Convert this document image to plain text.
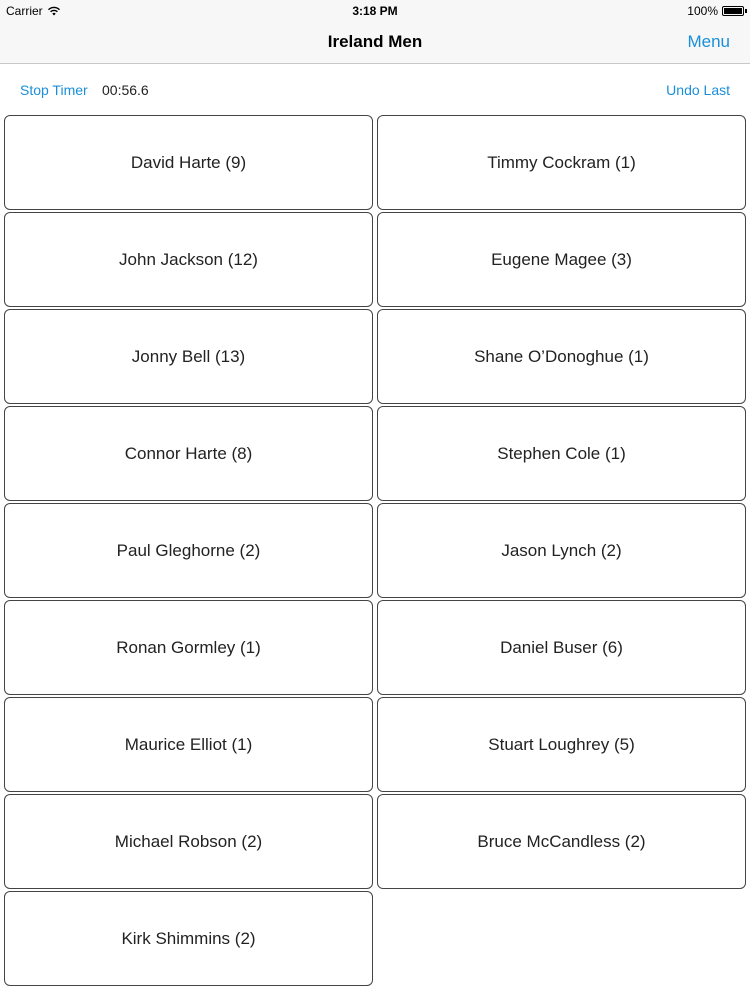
Carrier	3:18 PM	100%
Ireland Men	Menu
Stop Timer 00:56.6	Undo Last
David Harte (9)	Timmy Cockram (1)
John Jackson (12)	Eugene Magee (3)
Jonny Bell (13)	Shane O’Donoghue (1)
Connor Harte (8)	Stephen Cole (1)
Paul Gleghorne (2)	Jason Lynch (2)
Ronan Gormley (1)	Daniel Buser (6)
Maurice Elliot (1)	Stuart Loughrey (5)
Michael Robson (2)	Bruce McCandless (2)
Kirk Shimmins (2)
